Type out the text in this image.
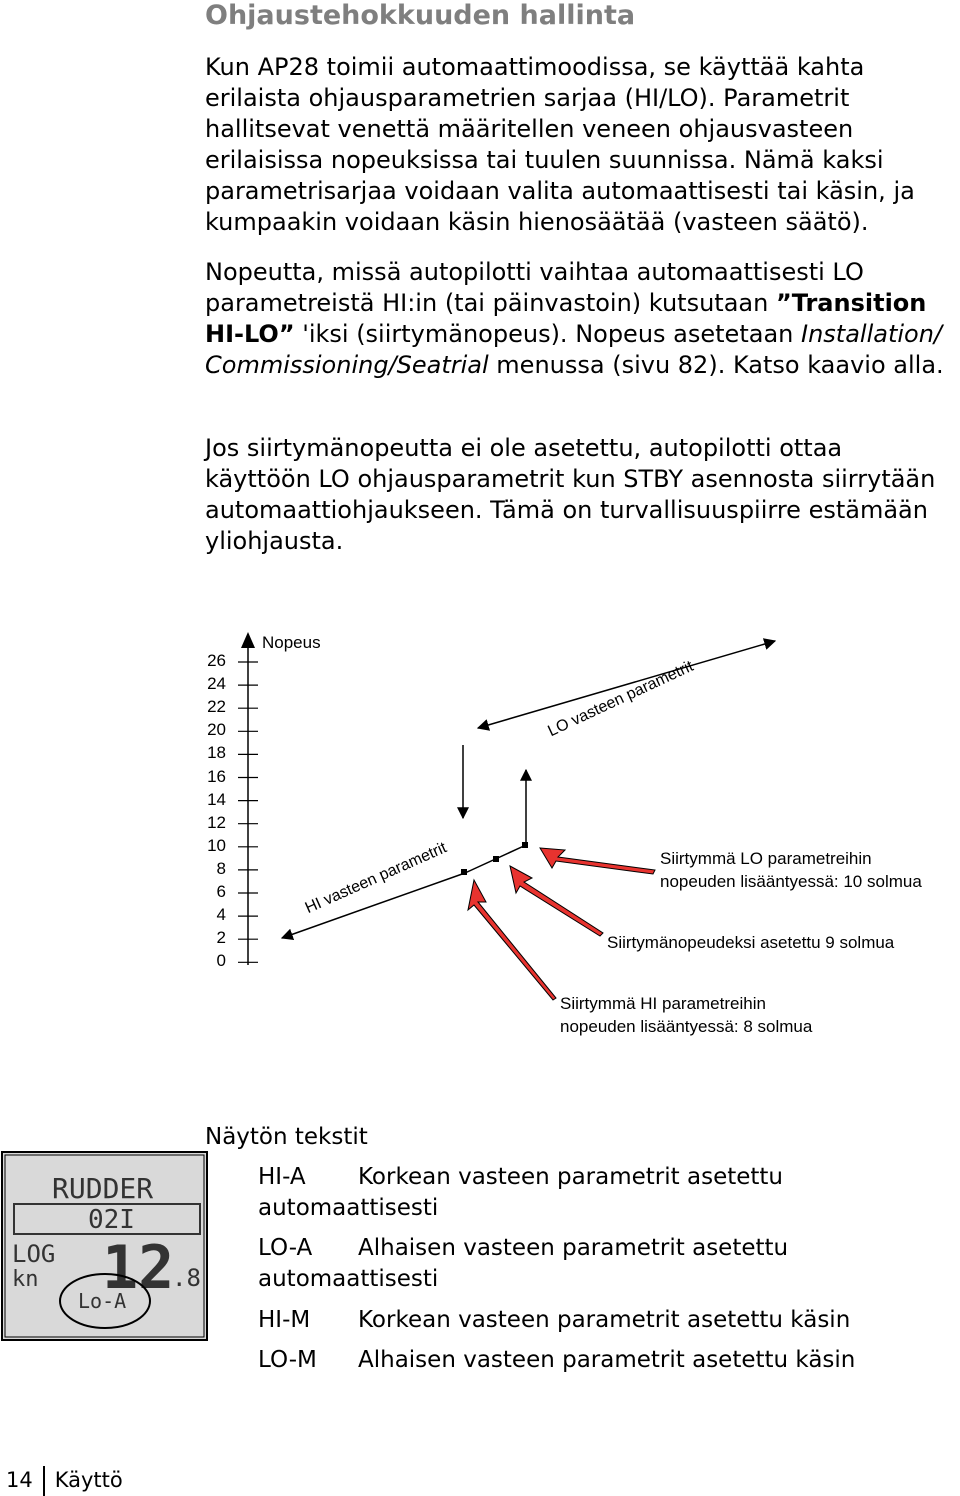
Ohjaustehokkuuden hallinta

Kun AP28 toimii automaattimoodissa, se käyttää kahta erilaista ohjausparametrien sarjaa (HI/LO). Parametrit hallitsevat venettä määritellen veneen ohjausvasteen erilaisissa nopeuksissa tai tuulen suunnissa. Nämä kaksi parametrisarjaa voidaan valita automaattisesti tai käsin, ja kumpaakin voidaan käsin hienosäätää (vasteen säätö).

Nopeutta, missä autopilotti vaihtaa automaattisesti LO parametreistä HI:in (tai päinvastoin) kutsutaan ”Transition HI-LO” 'iksi (siirtymänopeus). Nopeus asetetaan Installation/ Commissioning/Seatrial menussa (sivu 82). Katso kaavio alla.

Jos siirtymänopeutta ei ole asetettu, autopilotti ottaa käyttöön LO ohjausparametrit kun STBY asennosta siirrytään automaattiohjaukseen. Tämä on turvallisuuspiirre estämään yliohjausta.

Nopeus
LO vasteen parametrit
HI vasteen parametrit	Siirtymmä LO parametreihin
nopeuden lisääntyessä: 10 solmua
Siirtymänopeudeksi asetettu 9 solmua
Siirtymmä HI parametreihin
nopeuden lisääntyessä: 8 solmua
RUDDER
02I
LOG
kn 12
.8
Lo-A
Näytön tekstit
HI-A Korkean vasteen parametrit asetettu automaattisesti
LO-A Alhaisen vasteen parametrit asetettu automaattisesti
HI-M Korkean vasteen parametrit asetettu käsin
LO-M Alhaisen vasteen parametrit asetettu käsin
14 Käyttö
26
24
22
20
18
16
14
12
10
8
6
4
2
0
